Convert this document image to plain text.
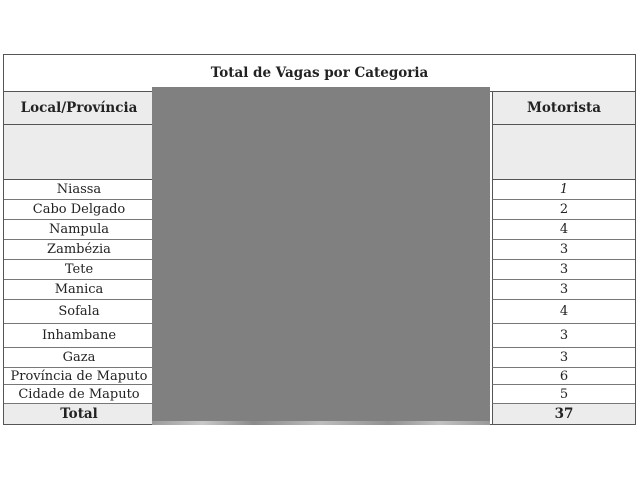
Total de Vagas por Categoria
Local/Província	Motorista
Niassa	1
Cabo Delgado	2
Nampula	4
Zambézia	3
Tete	3
Manica	3
Sofala	4
Inhambane	3
Gaza	3
Província de Maputo	6
Cidade de Maputo	5
Total	37
